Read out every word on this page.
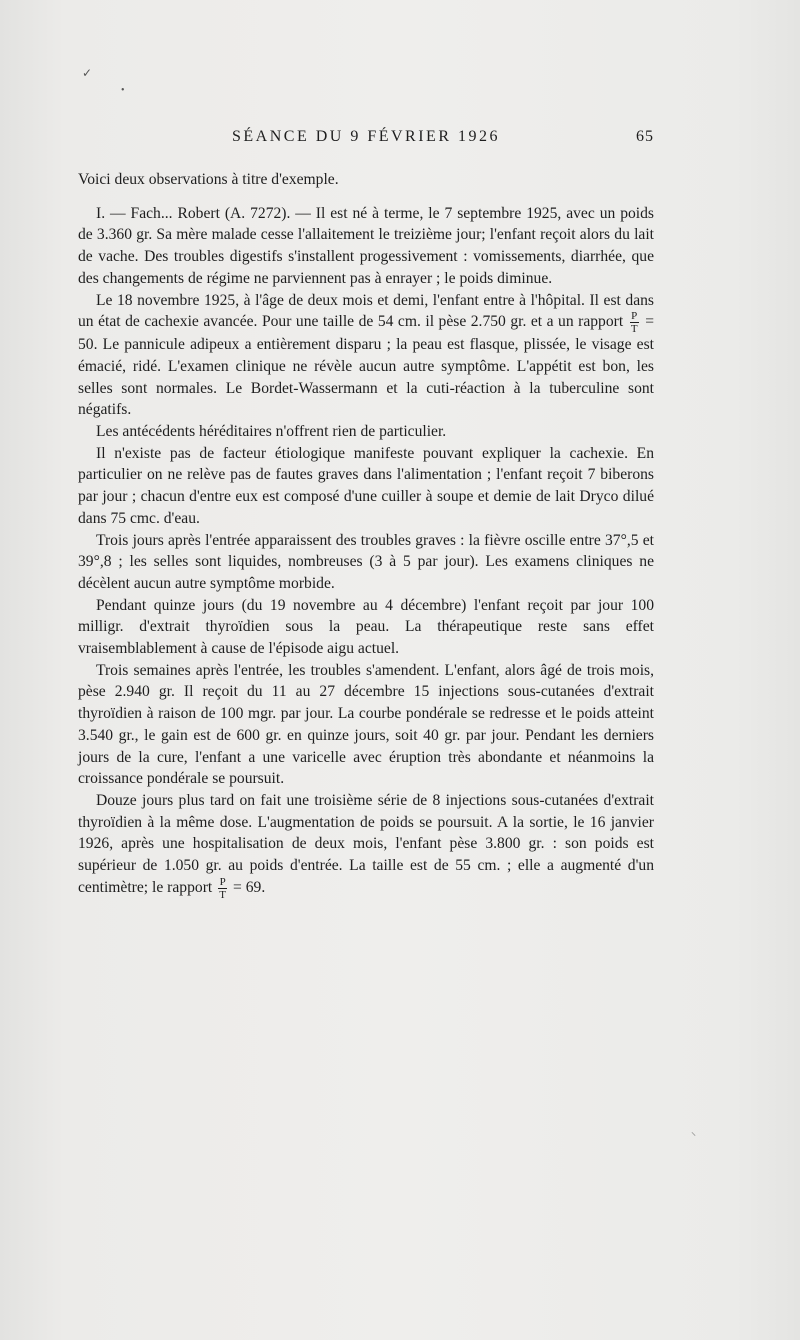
✓
•
SÉANCE DU 9 FÉVRIER 1926	65

Voici deux observations à titre d'exemple.

I. — Fach... Robert (A. 7272). — Il est né à terme, le 7 septembre 1925, avec un poids de 3.360 gr. Sa mère malade cesse l'allaitement le treizième jour; l'enfant reçoit alors du lait de vache. Des troubles digestifs s'installent progessivement : vomissements, diarrhée, que des changements de régime ne parviennent pas à enrayer ; le poids diminue.

Le 18 novembre 1925, à l'âge de deux mois et demi, l'enfant entre à l'hôpital. Il est dans un état de cachexie avancée. Pour une taille de 54 cm. il pèse 2.750 gr. et a un rapport $\frac{P}{T} = 50$. Le pannicule adipeux a entièrement disparu ; la peau est flasque, plissée, le visage est émacié, ridé. L'examen clinique ne révèle aucun autre symptôme. L'appétit est bon, les selles sont normales. Le Bordet-Wassermann et la cuti-réaction à la tuberculine sont négatifs.

Les antécédents héréditaires n'offrent rien de particulier.

Il n'existe pas de facteur étiologique manifeste pouvant expliquer la cachexie. En particulier on ne relève pas de fautes graves dans l'alimentation ; l'enfant reçoit 7 biberons par jour ; chacun d'entre eux est composé d'une cuiller à soupe et demie de lait Dryco dilué dans 75 cmc. d'eau.

Trois jours après l'entrée apparaissent des troubles graves : la fièvre oscille entre 37°,5 et 39°,8 ; les selles sont liquides, nombreuses (3 à 5 par jour). Les examens cliniques ne décèlent aucun autre symptôme morbide.

Pendant quinze jours (du 19 novembre au 4 décembre) l'enfant reçoit par jour 100 milligr. d'extrait thyroïdien sous la peau. La thérapeutique reste sans effet vraisemblablement à cause de l'épisode aigu actuel.

Trois semaines après l'entrée, les troubles s'amendent. L'enfant, alors âgé de trois mois, pèse 2.940 gr. Il reçoit du 11 au 27 décembre 15 injections sous-cutanées d'extrait thyroïdien à raison de 100 mgr. par jour. La courbe pondérale se redresse et le poids atteint 3.540 gr., le gain est de 600 gr. en quinze jours, soit 40 gr. par jour. Pendant les derniers jours de la cure, l'enfant a une varicelle avec éruption très abondante et néanmoins la croissance pondérale se poursuit.

Douze jours plus tard on fait une troisième série de 8 injections sous-cutanées d'extrait thyroïdien à la même dose. L'augmentation de poids se poursuit. A la sortie, le 16 janvier 1926, après une hospitalisation de deux mois, l'enfant pèse 3.800 gr. : son poids est supérieur de 1.050 gr. au poids d'entrée. La taille est de 55 cm. ; elle a augmenté d'un centimètre; le rapport $\frac{P}{T} = 69$.

⸜
